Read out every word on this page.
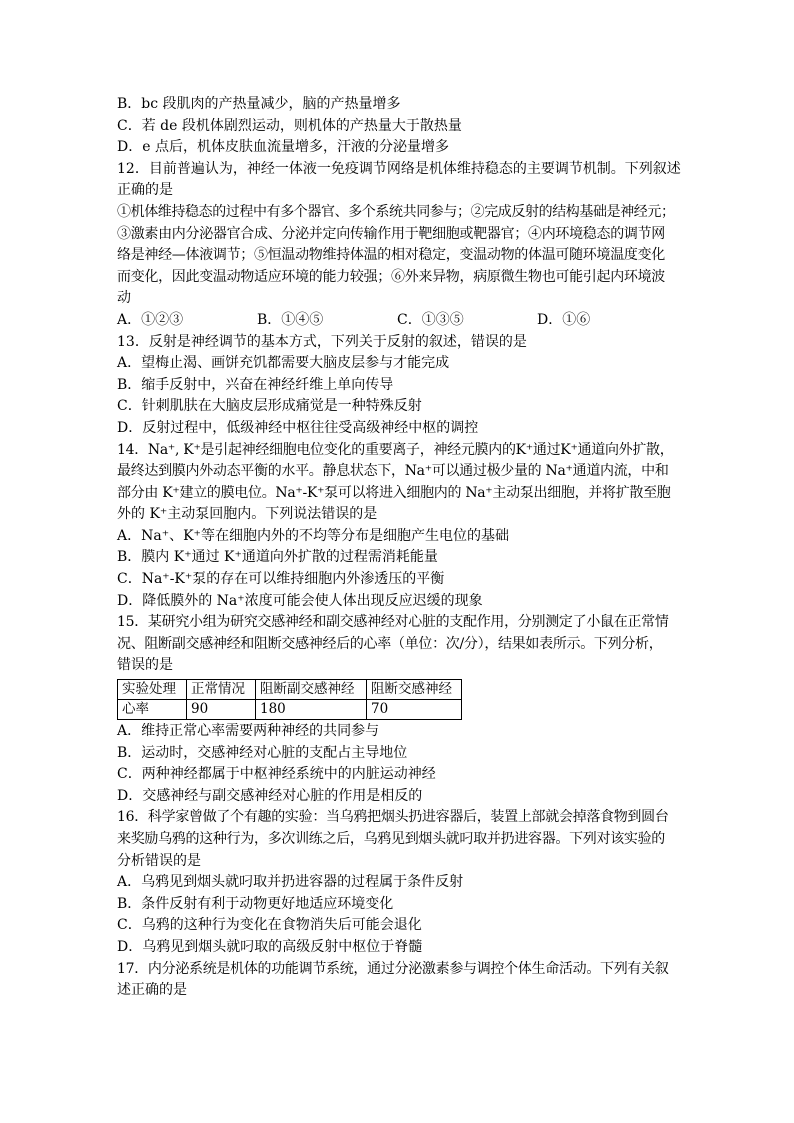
B．bc 段肌肉的产热量减少，脑的产热量增多
C．若 de 段机体剧烈运动，则机体的产热量大于散热量
D．e 点后，机体皮肤血流量增多，汗液的分泌量增多
12．目前普遍认为，神经一体液一免疫调节网络是机体维持稳态的主要调节机制。下列叙述
正确的是
①机体维持稳态的过程中有多个器官、多个系统共同参与；②完成反射的结构基础是神经元；
③激素由内分泌器官合成、分泌并定向传输作用于靶细胞或靶器官；④内环境稳态的调节网
络是神经—体液调节；⑤恒温动物维持体温的相对稳定，变温动物的体温可随环境温度变化
而变化，因此变温动物适应环境的能力较强；⑥外来异物，病原微生物也可能引起内环境波
动
A．①②③	B．①④⑤	C．①③⑤	D．①⑥
13．反射是神经调节的基本方式，下列关于反射的叙述，错误的是
A．望梅止渴、画饼充饥都需要大脑皮层参与才能完成
B．缩手反射中，兴奋在神经纤维上单向传导
C．针刺肌肤在大脑皮层形成痛觉是一种特殊反射
D．反射过程中，低级神经中枢往往受高级神经中枢的调控
14．Na⁺, K⁺是引起神经细胞电位变化的重要离子，神经元膜内的K⁺通过K⁺通道向外扩散，
最终达到膜内外动态平衡的水平。静息状态下，Na⁺可以通过极少量的 Na⁺通道内流，中和
部分由 K⁺建立的膜电位。Na⁺-K⁺泵可以将进入细胞内的 Na⁺主动泵出细胞，并将扩散至胞
外的 K⁺主动泵回胞内。下列说法错误的是
A．Na⁺、K⁺等在细胞内外的不均等分布是细胞产生电位的基础
B．膜内 K⁺通过 K⁺通道向外扩散的过程需消耗能量
C．Na⁺-K⁺泵的存在可以维持细胞内外渗透压的平衡
D．降低膜外的 Na⁺浓度可能会使人体出现反应迟缓的现象
15．某研究小组为研究交感神经和副交感神经对心脏的支配作用，分别测定了小鼠在正常情
况、阻断副交感神经和阻断交感神经后的心率（单位：次/分），结果如表所示。下列分析，
错误的是
实验处理	正常情况	阻断副交感神经	阻断交感神经
心率	90	180	70
A．维持正常心率需要两种神经的共同参与
B．运动时，交感神经对心脏的支配占主导地位
C．两种神经都属于中枢神经系统中的内脏运动神经
D．交感神经与副交感神经对心脏的作用是相反的
16．科学家曾做了个有趣的实验：当乌鸦把烟头扔进容器后，装置上部就会掉落食物到圆台
来奖励乌鸦的这种行为，多次训练之后，乌鸦见到烟头就叼取并扔进容器。下列对该实验的
分析错误的是
A．乌鸦见到烟头就叼取并扔进容器的过程属于条件反射
B．条件反射有利于动物更好地适应环境变化
C．乌鸦的这种行为变化在食物消失后可能会退化
D．乌鸦见到烟头就叼取的高级反射中枢位于脊髓
17．内分泌系统是机体的功能调节系统，通过分泌激素参与调控个体生命活动。下列有关叙
述正确的是
